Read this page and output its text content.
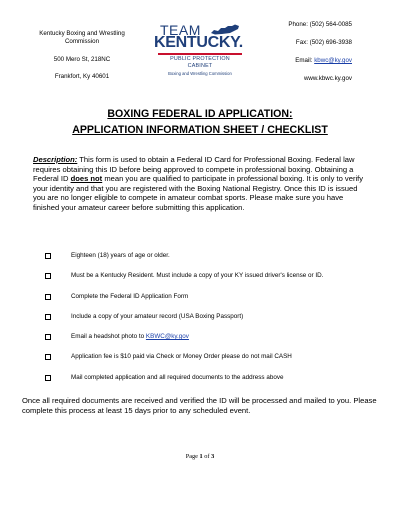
Kentucky Boxing and Wrestling
Commission
500 Mero St, 218NC
Frankfort, Ky 40601
TEAM
KENTUCKY.
PUBLIC PROTECTION
CABINET
Boxing and Wrestling Commission
Phone: (502) 564-0085
Fax: (502) 696-3938
Email: kbwc@ky.gov
www.kbwc.ky.gov
BOXING FEDERAL ID APPLICATION:
APPLICATION INFORMATION SHEET / CHECKLIST

Description: This form is used to obtain a Federal ID Card for Professional Boxing. Federal law requires obtaining this ID before being approved to compete in professional boxing. Obtaining a Federal ID does not mean you are qualified to participate in professional boxing. It is only to verify your identity and that you are registered with the Boxing National Registry. Once this ID is issued you are no longer eligible to compete in amateur combat sports. Please make sure you have finished your amateur career before submitting this application.

Eighteen (18) years of age or older.
Must be a Kentucky Resident. Must include a copy of your KY issued driver's license or ID.
Complete the Federal ID Application Form
Include a copy of your amateur record (USA Boxing Passport)
Email a headshot photo to KBWC@ky.gov
Application fee is $10 paid via Check or Money Order please do not mail CASH
Mail completed application and all required documents to the address above

Once all required documents are received and verified the ID will be processed and mailed to you. Please complete this process at least 15 days prior to any scheduled event.

Page 1 of 3
